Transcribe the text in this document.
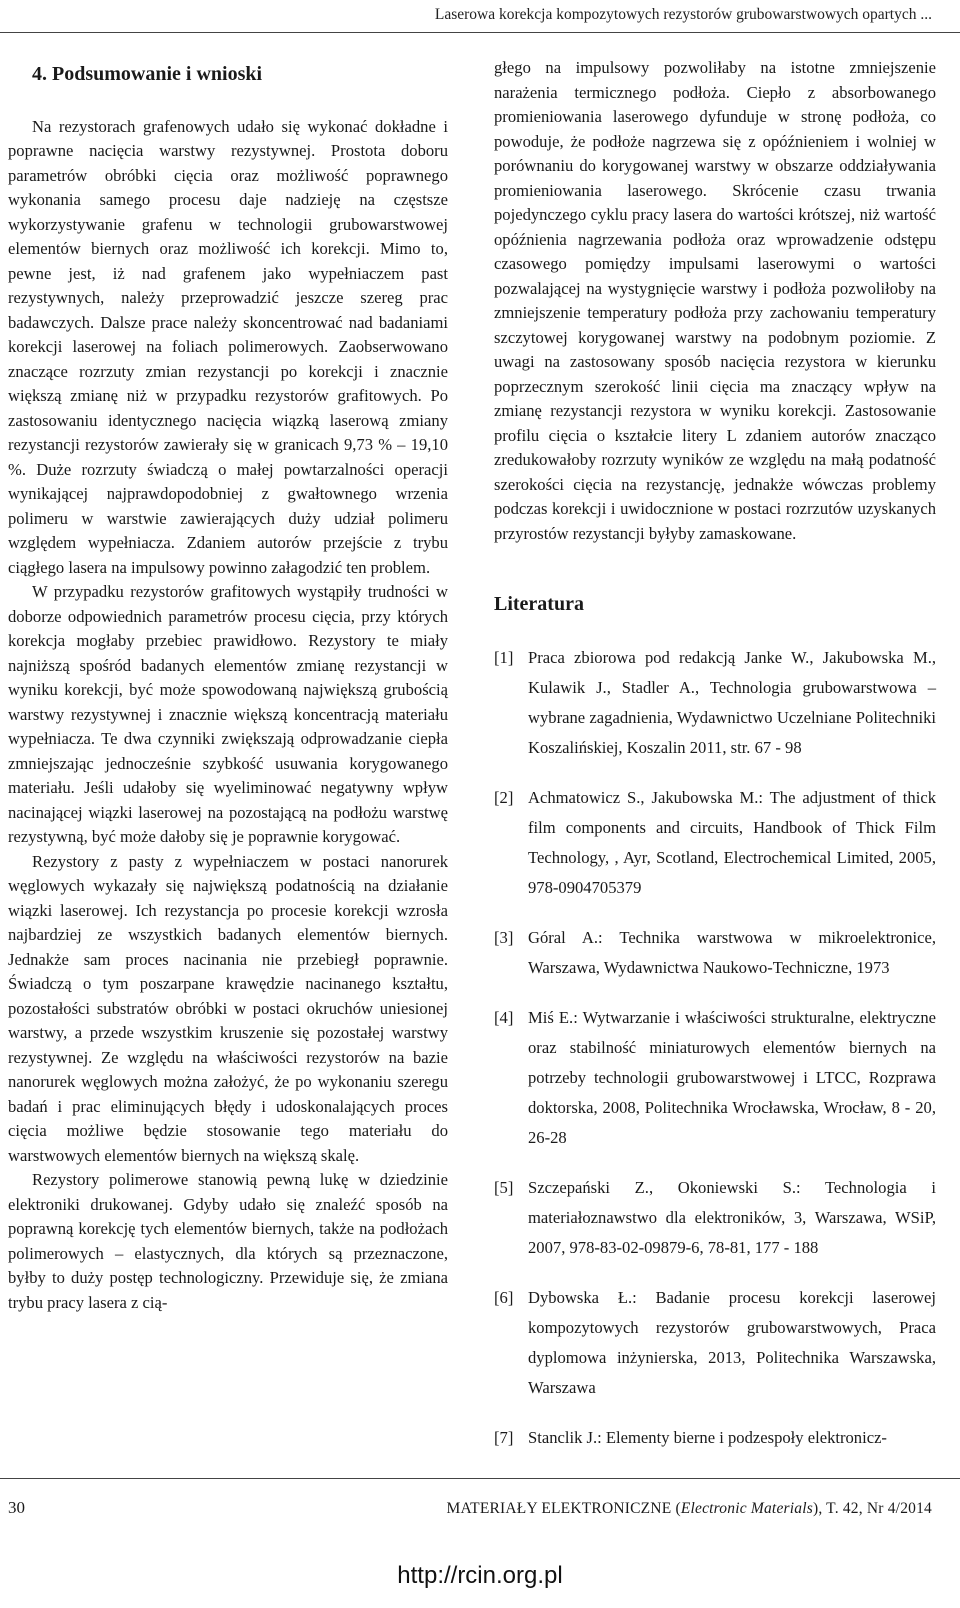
Laserowa korekcja kompozytowych rezystorów grubowarstwowych opartych ...
4. Podsumowanie i wnioski

Na rezystorach grafenowych udało się wykonać dokładne i poprawne nacięcia warstwy rezystywnej. Prostota doboru parametrów obróbki cięcia oraz możliwość poprawnego wykonania samego procesu daje nadzieję na częstsze wykorzystywanie grafenu w technologii grubowarstwowej elementów biernych oraz możliwość ich korekcji. Mimo to, pewne jest, iż nad grafenem jako wypełniaczem past rezystywnych, należy przeprowadzić jeszcze szereg prac badawczych. Dalsze prace należy skoncentrować nad badaniami korekcji laserowej na foliach polimerowych. Zaobserwowano znaczące rozrzuty zmian rezystancji po korekcji i znacznie większą zmianę niż w przypadku rezystorów grafitowych. Po zastosowaniu identycznego nacięcia wiązką laserową zmiany rezystancji rezystorów zawierały się w granicach 9,73 % – 19,10 %. Duże rozrzuty świadczą o małej powtarzalności operacji wynikającej najprawdopodobniej z gwałtownego wrzenia polimeru w warstwie zawierających duży udział polimeru względem wypełniacza. Zdaniem autorów przejście z trybu ciągłego lasera na impulsowy powinno załagodzić ten problem.

W przypadku rezystorów grafitowych wystąpiły trudności w doborze odpowiednich parametrów procesu cięcia, przy których korekcja mogłaby przebiec prawidłowo. Rezystory te miały najniższą spośród badanych elementów zmianę rezystancji w wyniku korekcji, być może spowodowaną największą grubością warstwy rezystywnej i znacznie większą koncentracją materiału wypełniacza. Te dwa czynniki zwiększają odprowadzanie ciepła zmniejszając jednocześnie szybkość usuwania korygowanego materiału. Jeśli udałoby się wyeliminować negatywny wpływ nacinającej wiązki laserowej na pozostającą na podłożu warstwę rezystywną, być może dałoby się je poprawnie korygować.

Rezystory z pasty z wypełniaczem w postaci nanorurek węglowych wykazały się największą podatnością na działanie wiązki laserowej. Ich rezystancja po procesie korekcji wzrosła najbardziej ze wszystkich badanych elementów biernych. Jednakże sam proces nacinania nie przebiegł poprawnie. Świadczą o tym poszarpane krawędzie nacinanego kształtu, pozostałości substratów obróbki w postaci okruchów uniesionej warstwy, a przede wszystkim kruszenie się pozostałej warstwy rezystywnej. Ze względu na właściwości rezystorów na bazie nanorurek węglowych można założyć, że po wykonaniu szeregu badań i prac eliminujących błędy i udoskonalających proces cięcia możliwe będzie stosowanie tego materiału do warstwowych elementów biernych na większą skalę.

Rezystory polimerowe stanowią pewną lukę w dziedzinie elektroniki drukowanej. Gdyby udało się znaleźć sposób na poprawną korekcję tych elementów biernych, także na podłożach polimerowych – elastycznych, dla których są przeznaczone, byłby to duży postęp technologiczny. Przewiduje się, że zmiana trybu pracy lasera z cią-

głego na impulsowy pozwoliłaby na istotne zmniejszenie narażenia termicznego podłoża. Ciepło z absorbowanego promieniowania laserowego dyfunduje w stronę podłoża, co powoduje, że podłoże nagrzewa się z opóźnieniem i wolniej w porównaniu do korygowanej warstwy w obszarze oddziaływania promieniowania laserowego. Skrócenie czasu trwania pojedynczego cyklu pracy lasera do wartości krótszej, niż wartość opóźnienia nagrzewania podłoża oraz wprowadzenie odstępu czasowego pomiędzy impulsami laserowymi o wartości pozwalającej na wystygnięcie warstwy i podłoża pozwoliłoby na zmniejszenie temperatury podłoża przy zachowaniu temperatury szczytowej korygowanej warstwy na podobnym poziomie. Z uwagi na zastosowany sposób nacięcia rezystora w kierunku poprzecznym szerokość linii cięcia ma znaczący wpływ na zmianę rezystancji rezystora w wyniku korekcji. Zastosowanie profilu cięcia o kształcie litery L zdaniem autorów znacząco zredukowałoby rozrzuty wyników ze względu na małą podatność szerokości cięcia na rezystancję, jednakże wówczas problemy podczas korekcji i uwidocznione w postaci rozrzutów uzyskanych przyrostów rezystancji byłyby zamaskowane.

Literatura
[1] Praca zbiorowa pod redakcją Janke W., Jakubowska M., Kulawik J., Stadler A., Technologia grubowarstwowa – wybrane zagadnienia, Wydawnictwo Uczelniane Politechniki Koszalińskiej, Koszalin 2011, str. 67 - 98
[2] Achmatowicz S., Jakubowska M.: The adjustment of thick film components and circuits, Handbook of Thick Film Technology, , Ayr, Scotland, Electrochemical Limited, 2005, 978-0904705379
[3] Góral A.: Technika warstwowa w mikroelektronice, Warszawa, Wydawnictwa Naukowo-Techniczne, 1973
[4] Miś E.: Wytwarzanie i właściwości strukturalne, elektryczne oraz stabilność miniaturowych elementów biernych na potrzeby technologii grubowarstwowej i LTCC, Rozprawa doktorska, 2008, Politechnika Wrocławska, Wrocław, 8 - 20, 26-28
[5] Szczepański Z., Okoniewski S.: Technologia i materiałoznawstwo dla elektroników, 3, Warszawa, WSiP, 2007, 978-83-02-09879-6, 78-81, 177 - 188
[6] Dybowska Ł.: Badanie procesu korekcji laserowej kompozytowych rezystorów grubowarstwowych, Praca dyplomowa inżynierska, 2013, Politechnika Warszawska, Warszawa
[7] Stanclik J.: Elementy bierne i podzespoły elektronicz-
30	MATERIAŁY ELEKTRONICZNE (Electronic Materials), T. 42, Nr 4/2014
http://rcin.org.pl
